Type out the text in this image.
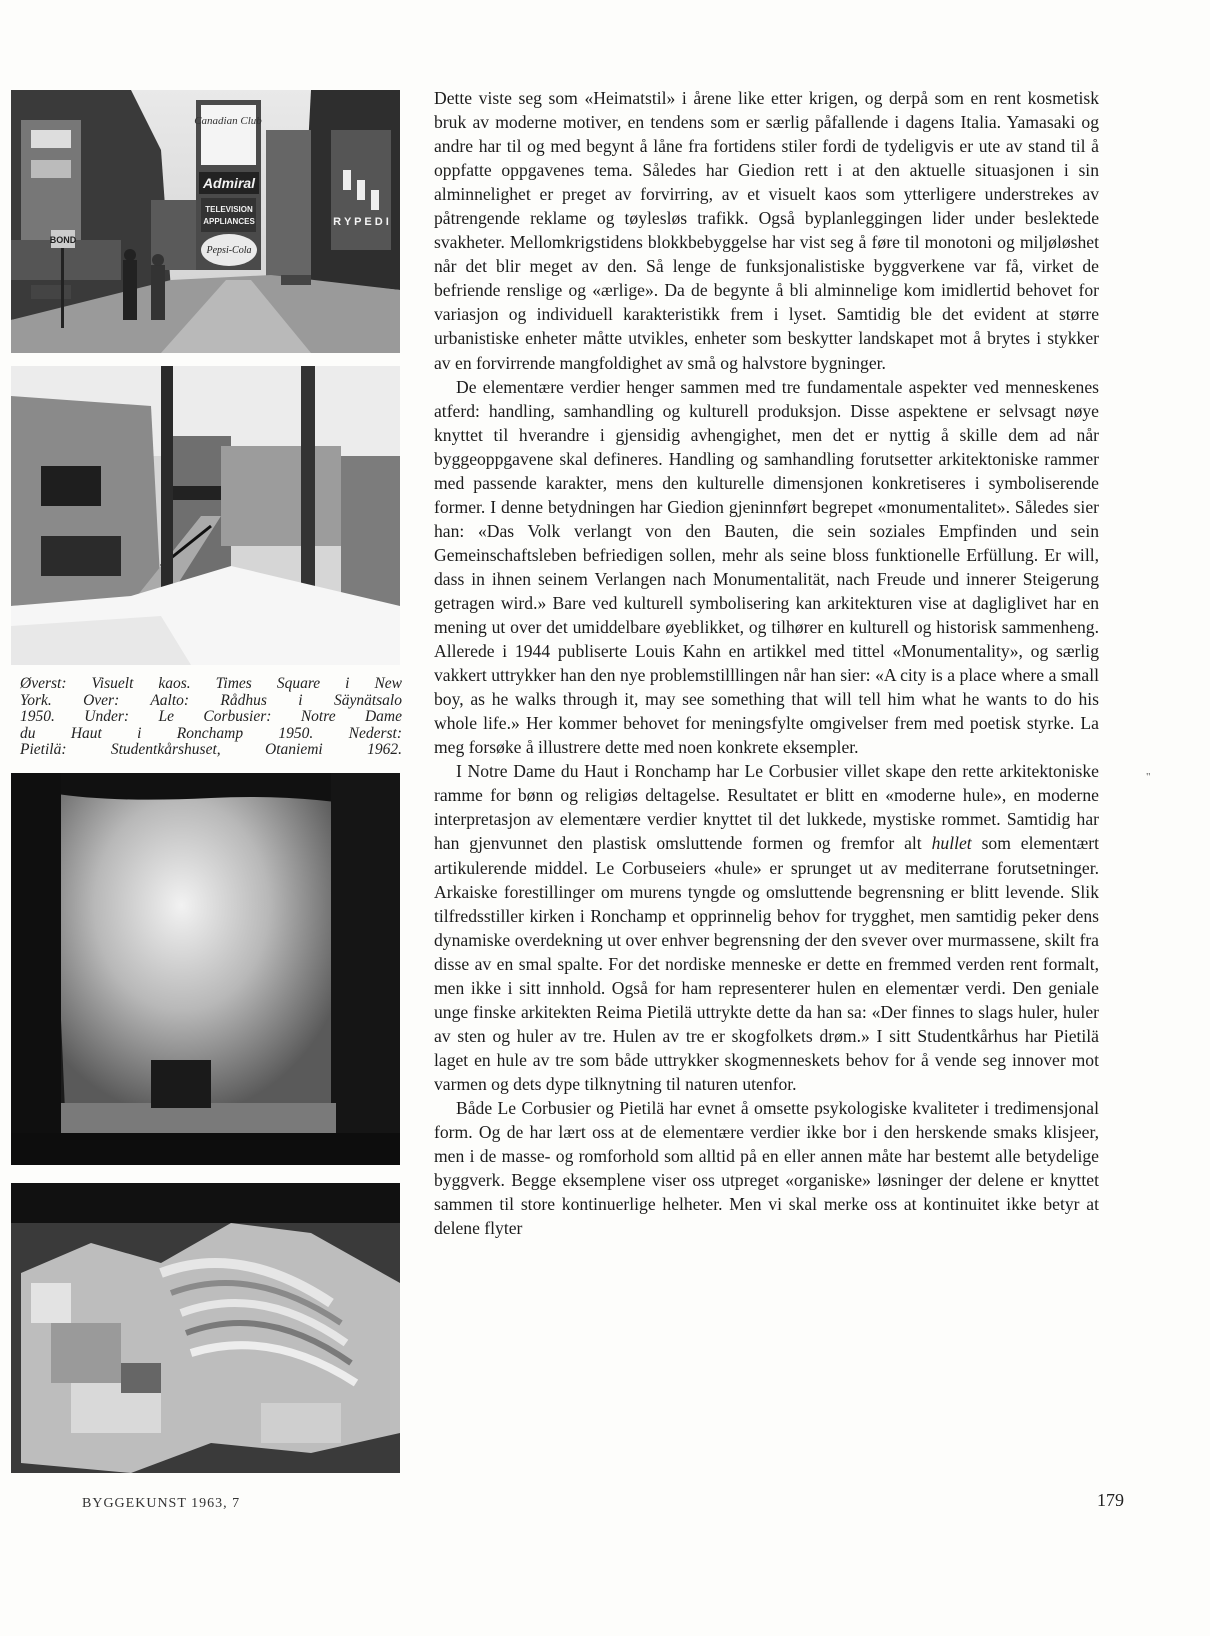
Canadian Club
Admiral
TELEVISION
APPLIANCES
Pepsi-Cola
BOND
R Y P E D I
Øverst: Visuelt kaos. Times Square i New
York. Over: Aalto: Rådhus i Säynätsalo
1950. Under: Le Corbusier: Notre Dame
du Haut i Ronchamp 1950. Nederst:
Pietilä: Studentkårshuset, Otaniemi 1962.

Dette viste seg som «Heimatstil» i årene like etter krigen, og derpå som en rent kosmetisk bruk av moderne motiver, en tendens som er særlig påfallende i dagens Italia. Yamasaki og andre har til og med begynt å låne fra fortidens stiler fordi de tydeligvis er ute av stand til å oppfatte oppgavenes tema. Således har Giedion rett i at den aktuelle situasjonen i sin alminnelighet er preget av forvirring, av et visuelt kaos som ytterligere understrekes av påtrengende reklame og tøylesløs trafikk. Også byplanleggingen lider under beslektede svakheter. Mellomkrigstidens blokkbebyggelse har vist seg å føre til monotoni og miljøløshet når det blir meget av den. Så lenge de funksjonalistiske byggverkene var få, virket de befriende renslige og «ærlige». Da de begynte å bli alminnelige kom imidlertid behovet for variasjon og individuell karakteristikk frem i lyset. Samtidig ble det evident at større urbanistiske enheter måtte utvikles, enheter som beskytter landskapet mot å brytes i stykker av en forvirrende mangfoldighet av små og halvstore bygninger.

De elementære verdier henger sammen med tre fundamentale aspekter ved menneskenes atferd: handling, samhandling og kulturell produksjon. Disse aspektene er selvsagt nøye knyttet til hverandre i gjensidig avhengighet, men det er nyttig å skille dem ad når byggeoppgavene skal defineres. Handling og samhandling forutsetter arkitektoniske rammer med passende karakter, mens den kulturelle dimensjonen konkretiseres i symboliserende former. I denne betydningen har Giedion gjeninnført begrepet «monumentalitet». Således sier han: «Das Volk verlangt von den Bauten, die sein soziales Empfinden und sein Gemeinschaftsleben befriedigen sollen, mehr als seine bloss funktionelle Erfüllung. Er will, dass in ihnen seinem Verlangen nach Monumentalität, nach Freude und innerer Steigerung getragen wird.» Bare ved kulturell symbolisering kan arkitekturen vise at dagliglivet har en mening ut over det umiddelbare øyeblikket, og tilhører en kulturell og historisk sammenheng. Allerede i 1944 publiserte Louis Kahn en artikkel med tittel «Monumentality», og særlig vakkert uttrykker han den nye problemstilllingen når han sier: «A city is a place where a small boy, as he walks through it, may see something that will tell him what he wants to do his whole life.» Her kommer behovet for meningsfylte omgivelser frem med poetisk styrke. La meg forsøke å illustrere dette med noen konkrete eksempler.

I Notre Dame du Haut i Ronchamp har Le Corbusier villet skape den rette arkitektoniske ramme for bønn og religiøs deltagelse. Resultatet er blitt en «moderne hule», en moderne interpretasjon av elementære verdier knyttet til det lukkede, mystiske rommet. Samtidig har han gjenvunnet den plastisk omsluttende formen og fremfor alt hullet som elementært artikulerende middel. Le Corbuseiers «hule» er sprunget ut av mediterrane forutsetninger. Arkaiske forestillinger om murens tyngde og omsluttende begrensning er blitt levende. Slik tilfredsstiller kirken i Ronchamp et opprinnelig behov for trygghet, men samtidig peker dens dynamiske overdekning ut over enhver begrensning der den svever over murmassene, skilt fra disse av en smal spalte. For det nordiske menneske er dette en fremmed verden rent formalt, men ikke i sitt innhold. Også for ham representerer hulen en elementær verdi. Den geniale unge finske arkitekten Reima Pietilä uttrykte dette da han sa: «Der finnes to slags huler, huler av sten og huler av tre. Hulen av tre er skogfolkets drøm.» I sitt Studentkårhus har Pietilä laget en hule av tre som både uttrykker skogmenneskets behov for å vende seg innover mot varmen og dets dype tilknytning til naturen utenfor.

Både Le Corbusier og Pietilä har evnet å omsette psykologiske kvaliteter i tredimensjonal form. Og de har lært oss at de elementære verdier ikke bor i den herskende smaks klisjeer, men i de masse- og romforhold som alltid på en eller annen måte har bestemt alle betydelige byggverk. Begge eksemplene viser oss utpreget «organiske» løsninger der delene er knyttet sammen til store kontinuerlige helheter. Men vi skal merke oss at kontinuitet ikke betyr at delene flyter

"
BYGGEKUNST 1963, 7	179
